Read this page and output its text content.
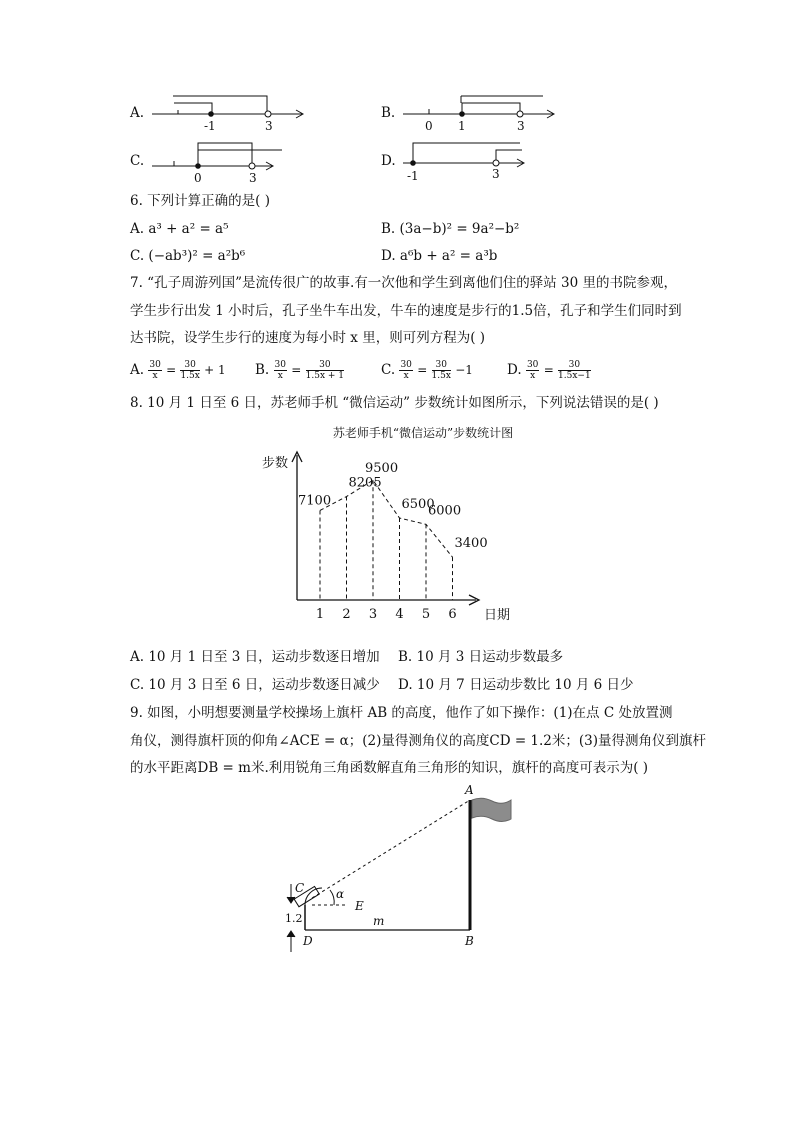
A.	B.
C.	D.
-1	3	0 1	3
0	3	-1	3
6. 下列计算正确的是( )
A. a³ + a² = a⁵	B. (3a−b)² = 9a²−b²
C. (−ab³)² = a²b⁶	D. a⁶b + a² = a³b
7. “孔子周游列国”是流传很广的故事.有一次他和学生到离他们住的驿站 30 里的书院参观，
学生步行出发 1 小时后，孔子坐牛车出发，牛车的速度是步行的1.5倍，孔子和学生们同时到
达书院，设学生步行的速度为每小时 x 里，则可列方程为( )
A. $\frac{30}{x} = \frac{30}{1.5x} + 1$ B. $\frac{30}{x} = \frac{30}{1.5x + 1}$	C. $\frac{30}{x} = \frac{30}{1.5x} -1$	D. $\frac{30}{x} = \frac{30}{1.5x-1}$
8. 10 月 1 日至 6 日，苏老师手机 “微信运动” 步数统计如图所示，下列说法错误的是( )
苏老师手机“微信运动”步数统计图
步数
日期
1
7100
2
8205
3
9500
4
6500
5
6000
6
3400
A. 10 月 1 日至 3 日，运动步数逐日增加 B. 10 月 3 日运动步数最多
C. 10 月 3 日至 6 日，运动步数逐日减少 D. 10 月 7 日运动步数比 10 月 6 日少
9. 如图，小明想要测量学校操场上旗杆 AB 的高度，他作了如下操作：(1)在点 C 处放置测
角仪，测得旗杆顶的仰角∠ACE = α；(2)量得测角仪的高度CD = 1.2米；(3)量得测角仪到旗杆
的水平距离DB = m米.利用锐角三角函数解直角三角形的知识，旗杆的高度可表示为( )
A
B
C
D
E
α
m
1.2
